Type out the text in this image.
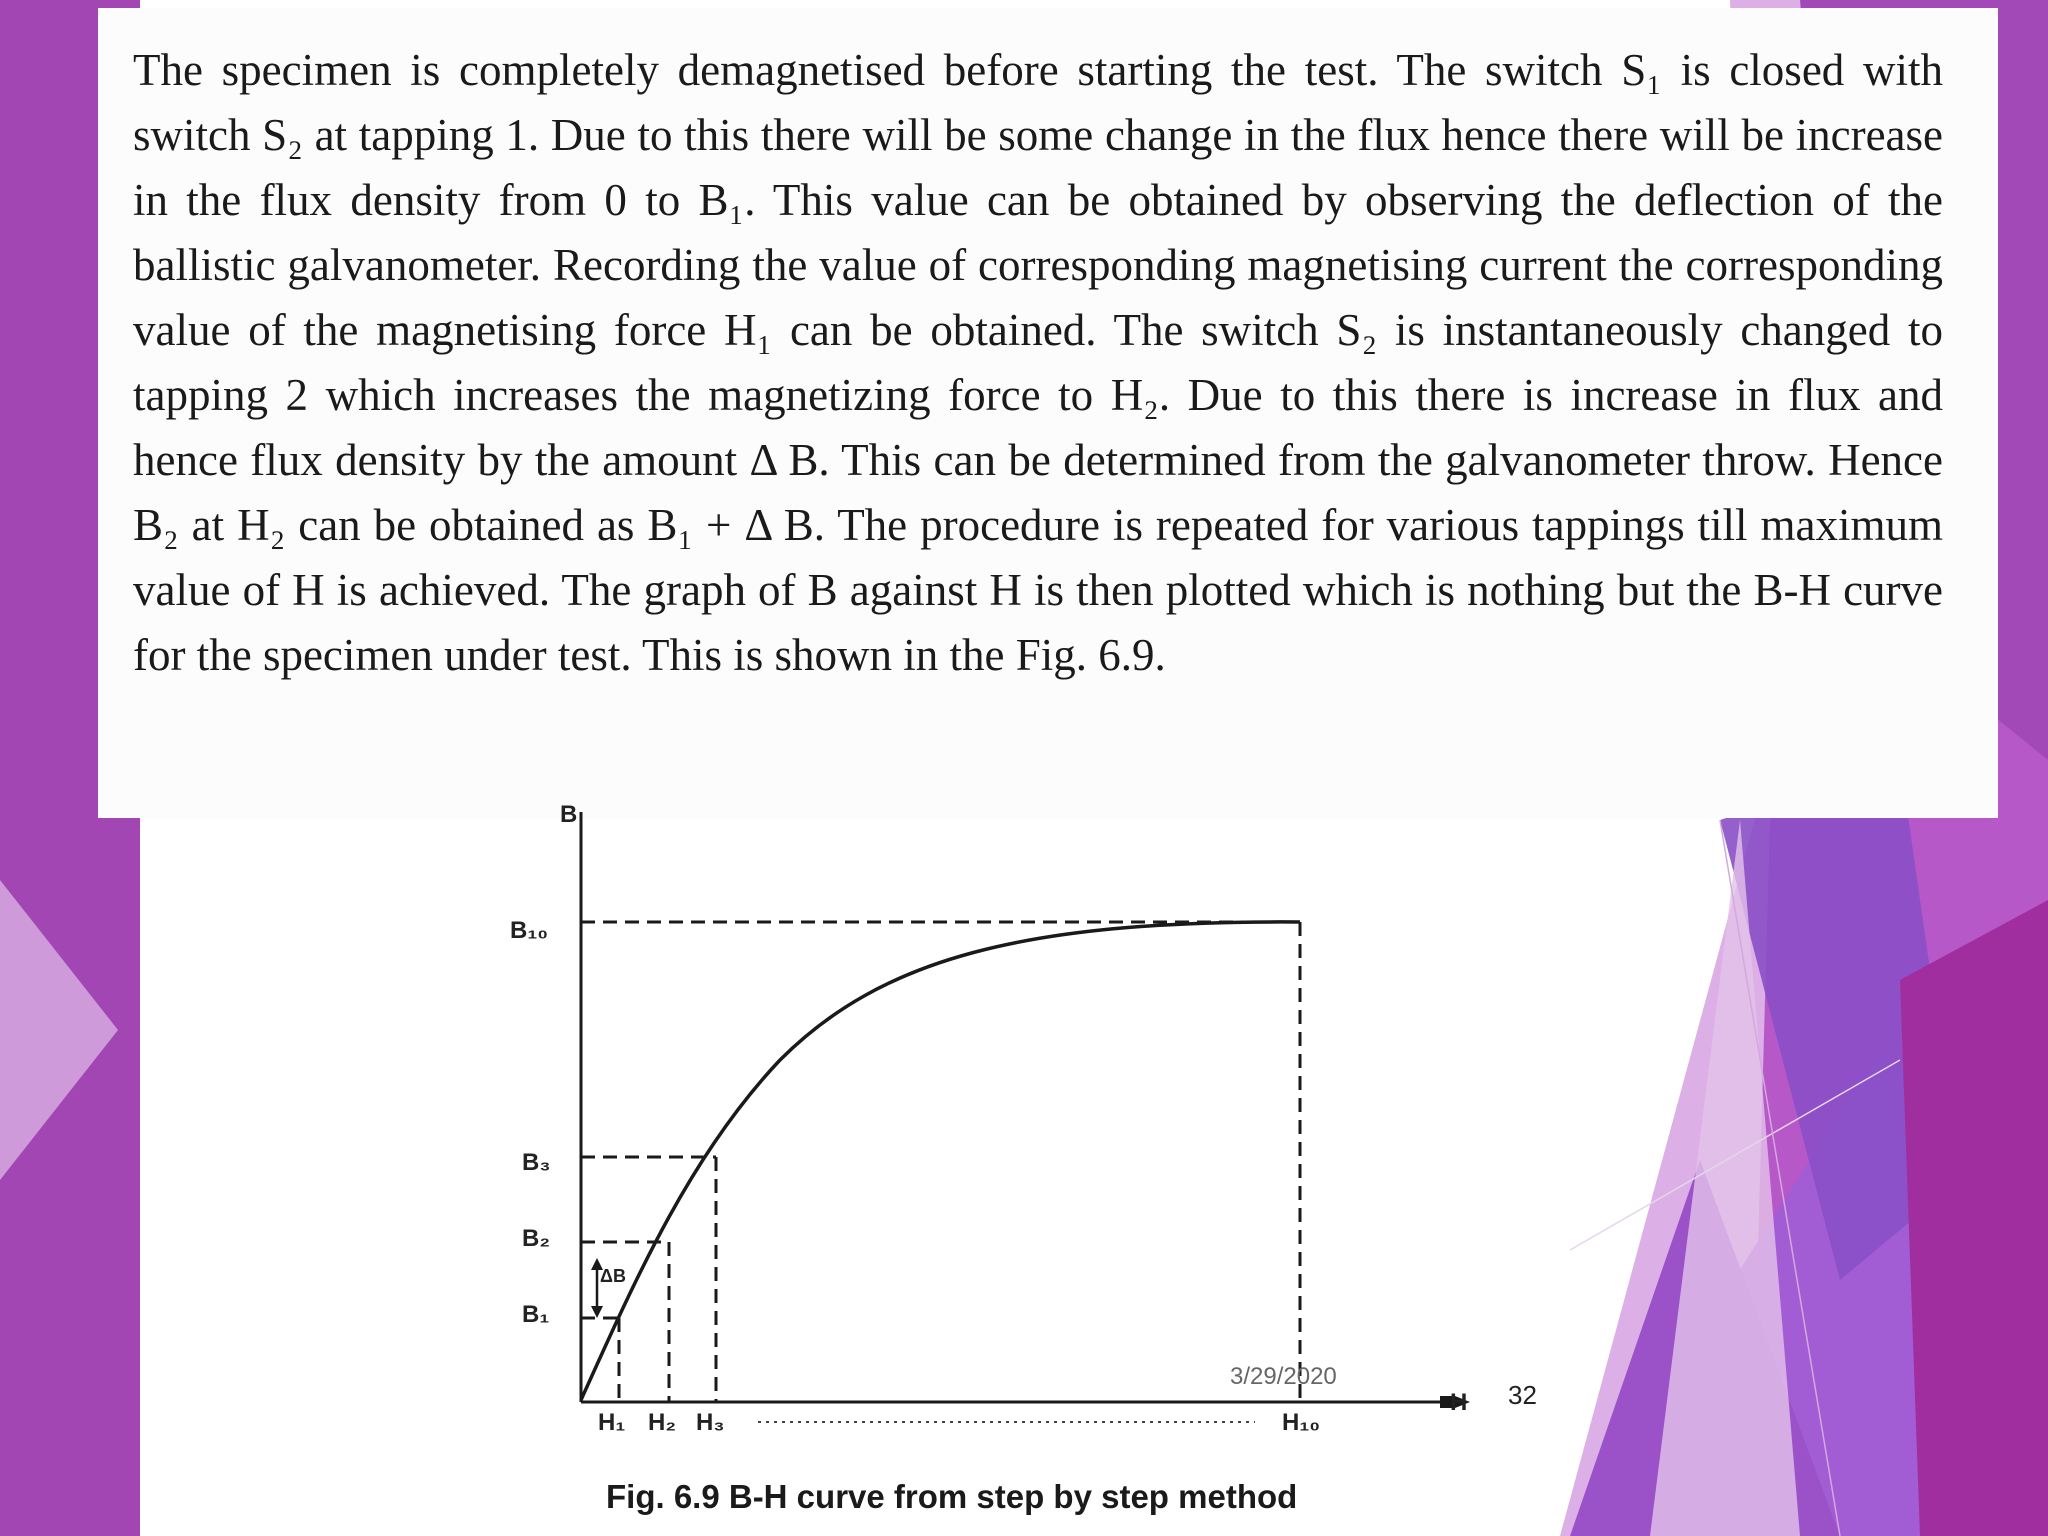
The specimen is completely demagnetised before starting the test. The switch S₁ is closed with switch S₂ at tapping 1. Due to this there will be some change in the flux hence there will be increase in the flux density from 0 to B₁. This value can be obtained by observing the deflection of the ballistic galvanometer. Recording the value of corresponding magnetising current the corresponding value of the magnetising force H₁ can be obtained. The switch S₂ is instantaneously changed to tapping 2 which increases the magnetizing force to H₂. Due to this there is increase in flux and hence flux density by the amount Δ B. This can be determined from the galvanometer throw. Hence B₂ at H₂ can be obtained as B₁ + Δ B. The procedure is repeated for various tappings till maximum value of H is achieved. The graph of B against H is then plotted which is nothing but the B-H curve for the specimen under test. This is shown in the Fig. 6.9.

B
H
ΔB
B₁₀
B₃
B₂
B₁
H₁ H₂ H₃	H₁₀
Fig. 6.9 B-H curve from step by step method
3/29/2020
32
